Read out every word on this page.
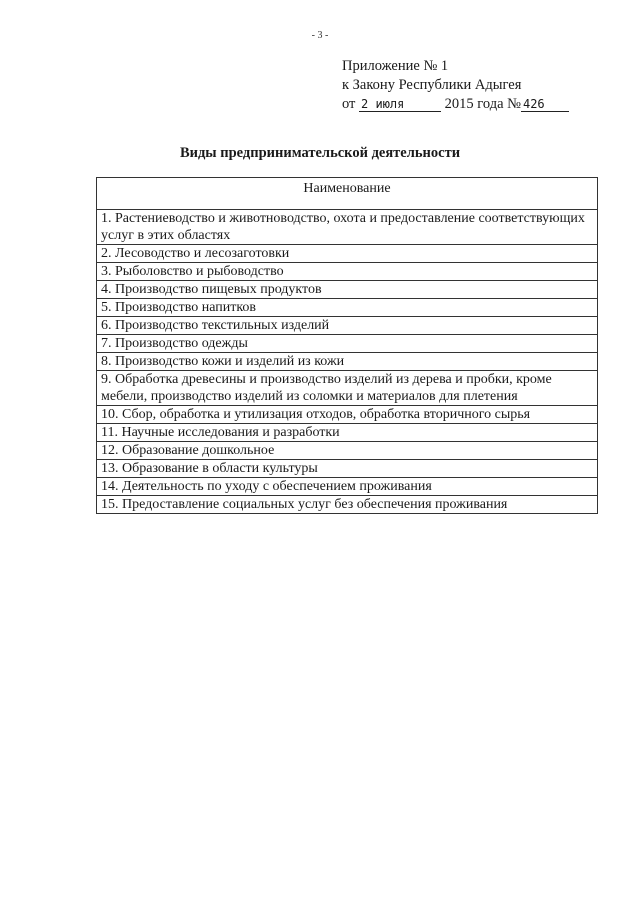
- 3 -
Приложение № 1
к Закону Республики Адыгея
от 2 июля	2015 года № 426
Виды предпринимательской деятельности
Наименование
1. Растениеводство и животноводство, охота и предоставление соответствующих услуг в этих областях
2. Лесоводство и лесозаготовки
3. Рыболовство и рыбоводство
4. Производство пищевых продуктов
5. Производство напитков
6. Производство текстильных изделий
7. Производство одежды
8. Производство кожи и изделий из кожи
9. Обработка древесины и производство изделий из дерева и пробки, кроме мебели, производство изделий из соломки и материалов для плетения
10. Сбор, обработка и утилизация отходов, обработка вторичного сырья
11. Научные исследования и разработки
12. Образование дошкольное
13. Образование в области культуры
14. Деятельность по уходу с обеспечением проживания
15. Предоставление социальных услуг без обеспечения проживания
